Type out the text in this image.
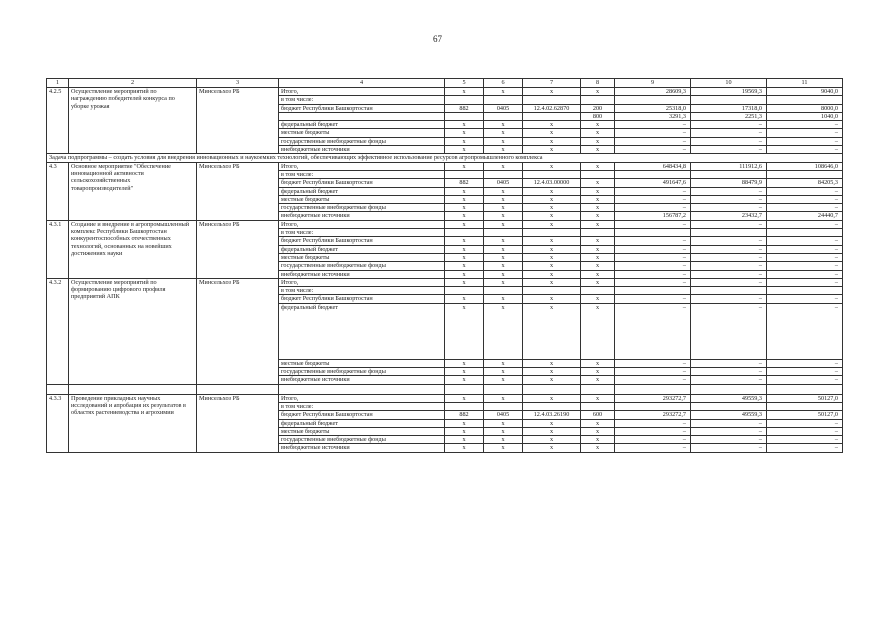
67
1	2	3	4	5	6	7	8	9	10	11
4.2.5	Осуществление мероприятий по награждению победителей конкурса по уборке урожая	Минсельхоз РБ	Итого,	х	х	х	х	28609,3	19569,3	9040,0
			в том числе:							
			бюджет Республики Башкортостан	882	0405	12.4.02.62870	200	25318,0	17318,0	8000,0
							800	3291,3	2251,3	1040,0
			федеральный бюджет	х	х	х	х	–	–	–
			местные бюджеты	х	х	х	х	–	–	–
			государственные внебюджетные фонды	х	х	х	х	–	–	–
			внебюджетные источники	х	х	х	х	–	–	–
Задача подпрограммы – создать условия для внедрения инновационных и наукоемких технологий, обеспечивающих эффективное использование ресурсов агропромышленного комплекса										
4.3	Основное мероприятие "Обеспечение инновационной активности сельскохозяйственных товаропроизводителей"	Минсельхоз РБ	Итого,	х	х	х	х	648434,8	111912,6	108646,0
			в том числе:							
			бюджет Республики Башкортостан	882	0405	12.4.03.00000	х	491647,6	88479,9	84205,3
			федеральный бюджет	х	х	х	х	–	–	–
			местные бюджеты	х	х	х	х	–	–	–
			государственные внебюджетные фонды	х	х	х	х	–	–	–
			внебюджетные источники	х	х	х	х	156787,2	23432,7	24440,7
4.3.1	Создание и внедрение в агропромышленный комплекс Республики Башкортостан конкурентоспособных отечественных технологий, основанных на новейших достижениях науки	Минсельхоз РБ	Итого,	х	х	х	х	–	–	–
			в том числе:							
			бюджет Республики Башкортостан	х	х	х	х	–	–	–
			федеральный бюджет	х	х	х	х	–	–	–
			местные бюджеты	х	х	х	х	–	–	–
			государственные внебюджетные фонды	х	х	х	х	–	–	–
			внебюджетные источники	х	х	х	х	–	–	–
4.3.2	Осуществление мероприятий по формированию цифрового профиля предприятий АПК	Минсельхоз РБ	Итого,	х	х	х	х	–	–	–
			в том числе:							
			бюджет Республики Башкортостан	х	х	х	х	–	–	–
			федеральный бюджет	х	х	х	х	–	–	–
			местные бюджеты	х	х	х	х	–	–	–
			государственные внебюджетные фонды	х	х	х	х	–	–	–
			внебюджетные источники	х	х	х	х	–	–	–

4.3.3	Проведение прикладных научных исследований и апробация их результатов в областях растениеводства и агрохимии	Минсельхоз РБ	Итого,	х	х	х	х	293272,7	49559,3	50127,0
			в том числе:							
			бюджет Республики Башкортостан	882	0405	12.4.03.26190	600	293272,7	49559,3	50127,0
			федеральный бюджет	х	х	х	х	–	–	–
			местные бюджеты	х	х	х	х	–	–	–
			государственные внебюджетные фонды	х	х	х	х	–	–	–
			внебюджетные источники	х	х	х	х	–	–	–
